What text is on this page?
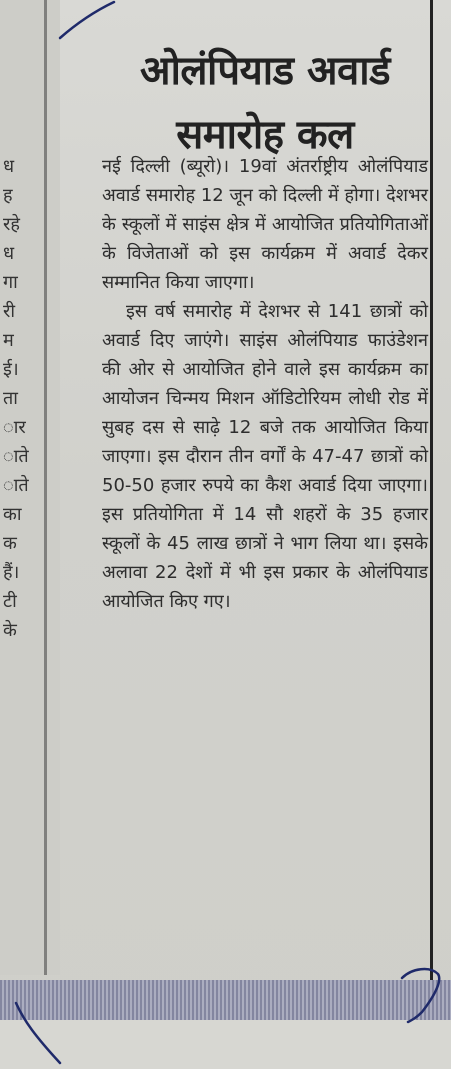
ध
ह
रहे
ध
गा
री
म
ई।
ता
ार
ाते
ाते
का
क
हैं।
टी
के
ओलंपियाड अवार्ड समारोह कल

नई दिल्ली (ब्यूरो)। 19वां अंतर्राष्ट्रीय ओलंपियाड अवार्ड समारोह 12 जून को दिल्ली में होगा। देशभर के स्कूलों में साइंस क्षेत्र में आयोजित प्रतियोगिताओं के विजेताओं को इस कार्यक्रम में अवार्ड देकर सम्मानित किया जाएगा।

इस वर्ष समारोह में देशभर से 141 छात्रों को अवार्ड दिए जाएंगे। साइंस ओलंपियाड फाउंडेशन की ओर से आयोजित होने वाले इस कार्यक्रम का आयोजन चिन्मय मिशन ऑडिटोरियम लोधी रोड में सुबह दस से साढ़े 12 बजे तक आयोजित किया जाएगा। इस दौरान तीन वर्गों के 47-47 छात्रों को 50-50 हजार रुपये का कैश अवार्ड दिया जाएगा। इस प्रतियोगिता में 14 सौ शहरों के 35 हजार स्कूलों के 45 लाख छात्रों ने भाग लिया था। इसके अलावा 22 देशों में भी इस प्रकार के ओलंपियाड आयोजित किए गए।
